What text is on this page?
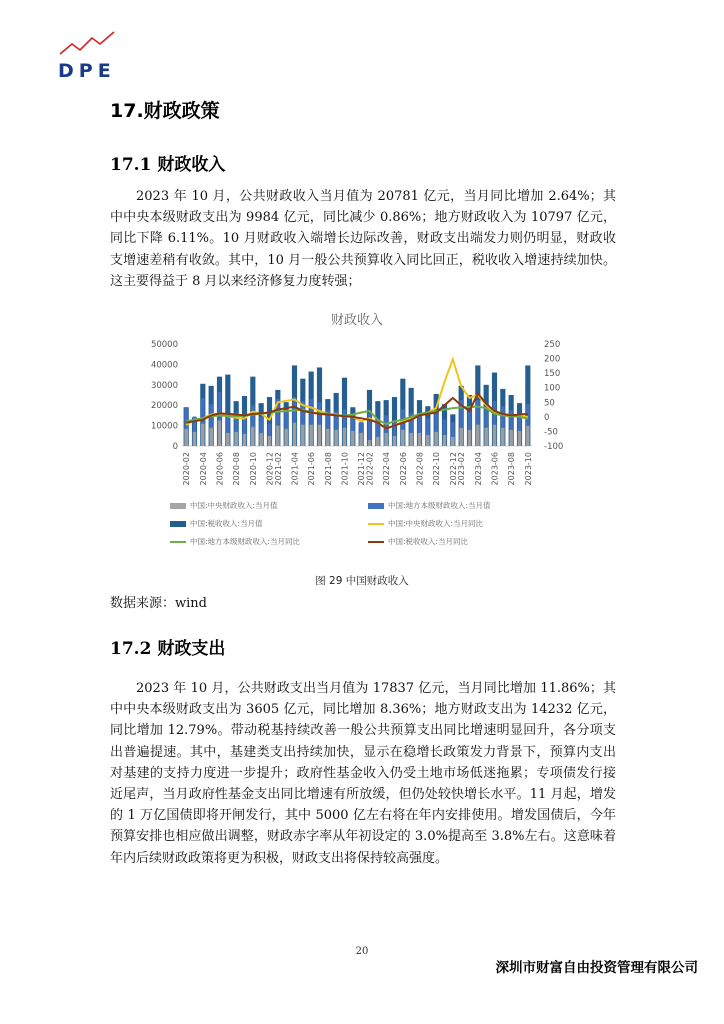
DPE
17.财政政策
17.1 财政收入
2023 年 10 月，公共财政收入当月值为 20781 亿元，当月同比增加 2.64%；其中中央本级财政支出为 9984 亿元，同比减少 0.86%；地方财政收入为 10797 亿元，同比下降 6.11%。10 月财政收入端增长边际改善，财政支出端发力则仍明显，财政收支增速差稍有收敛。其中，10 月一般公共预算收入同比回正，税收收入增速持续加快。这主要得益于 8 月以来经济修复力度转强；
财政收入
0
10000
20000
30000
40000
50000
-100
-50
0
50
100
150
200
250
2020-02 2020-04 2020-06 2020-08 2020-10 2020-12 2021-02 2021-04 2021-06 2021-08 2021-10 2021-12 2022-02 2022-04 2022-06 2022-08 2022-10 2022-12 2023-02 2023-04 2023-06 2023-08 2023-10
中国:中央财政收入:当月值	中国:地方本级财政收入:当月值
中国:税收收入:当月值	中国:中央财政收入:当月同比
中国:地方本级财政收入:当月同比	中国:税收收入:当月同比
图 29 中国财政收入
数据来源：wind
17.2 财政支出
2023 年 10 月，公共财政支出当月值为 17837 亿元，当月同比增加 11.86%；其中中央本级财政支出为 3605 亿元，同比增加 8.36%；地方财政支出为 14232 亿元，同比增加 12.79%。带动税基持续改善一般公共预算支出同比增速明显回升，各分项支出普遍提速。其中，基建类支出持续加快，显示在稳增长政策发力背景下，预算内支出对基建的支持力度进一步提升；政府性基金收入仍受土地市场低迷拖累；专项债发行接近尾声，当月政府性基金支出同比增速有所放缓，但仍处较快增长水平。11 月起，增发的 1 万亿国债即将开闸发行，其中 5000 亿左右将在年内安排使用。增发国债后，今年预算安排也相应做出调整，财政赤字率从年初设定的 3.0%提高至 3.8%左右。这意味着年内后续财政政策将更为积极，财政支出将保持较高强度。
20
深圳市财富自由投资管理有限公司
